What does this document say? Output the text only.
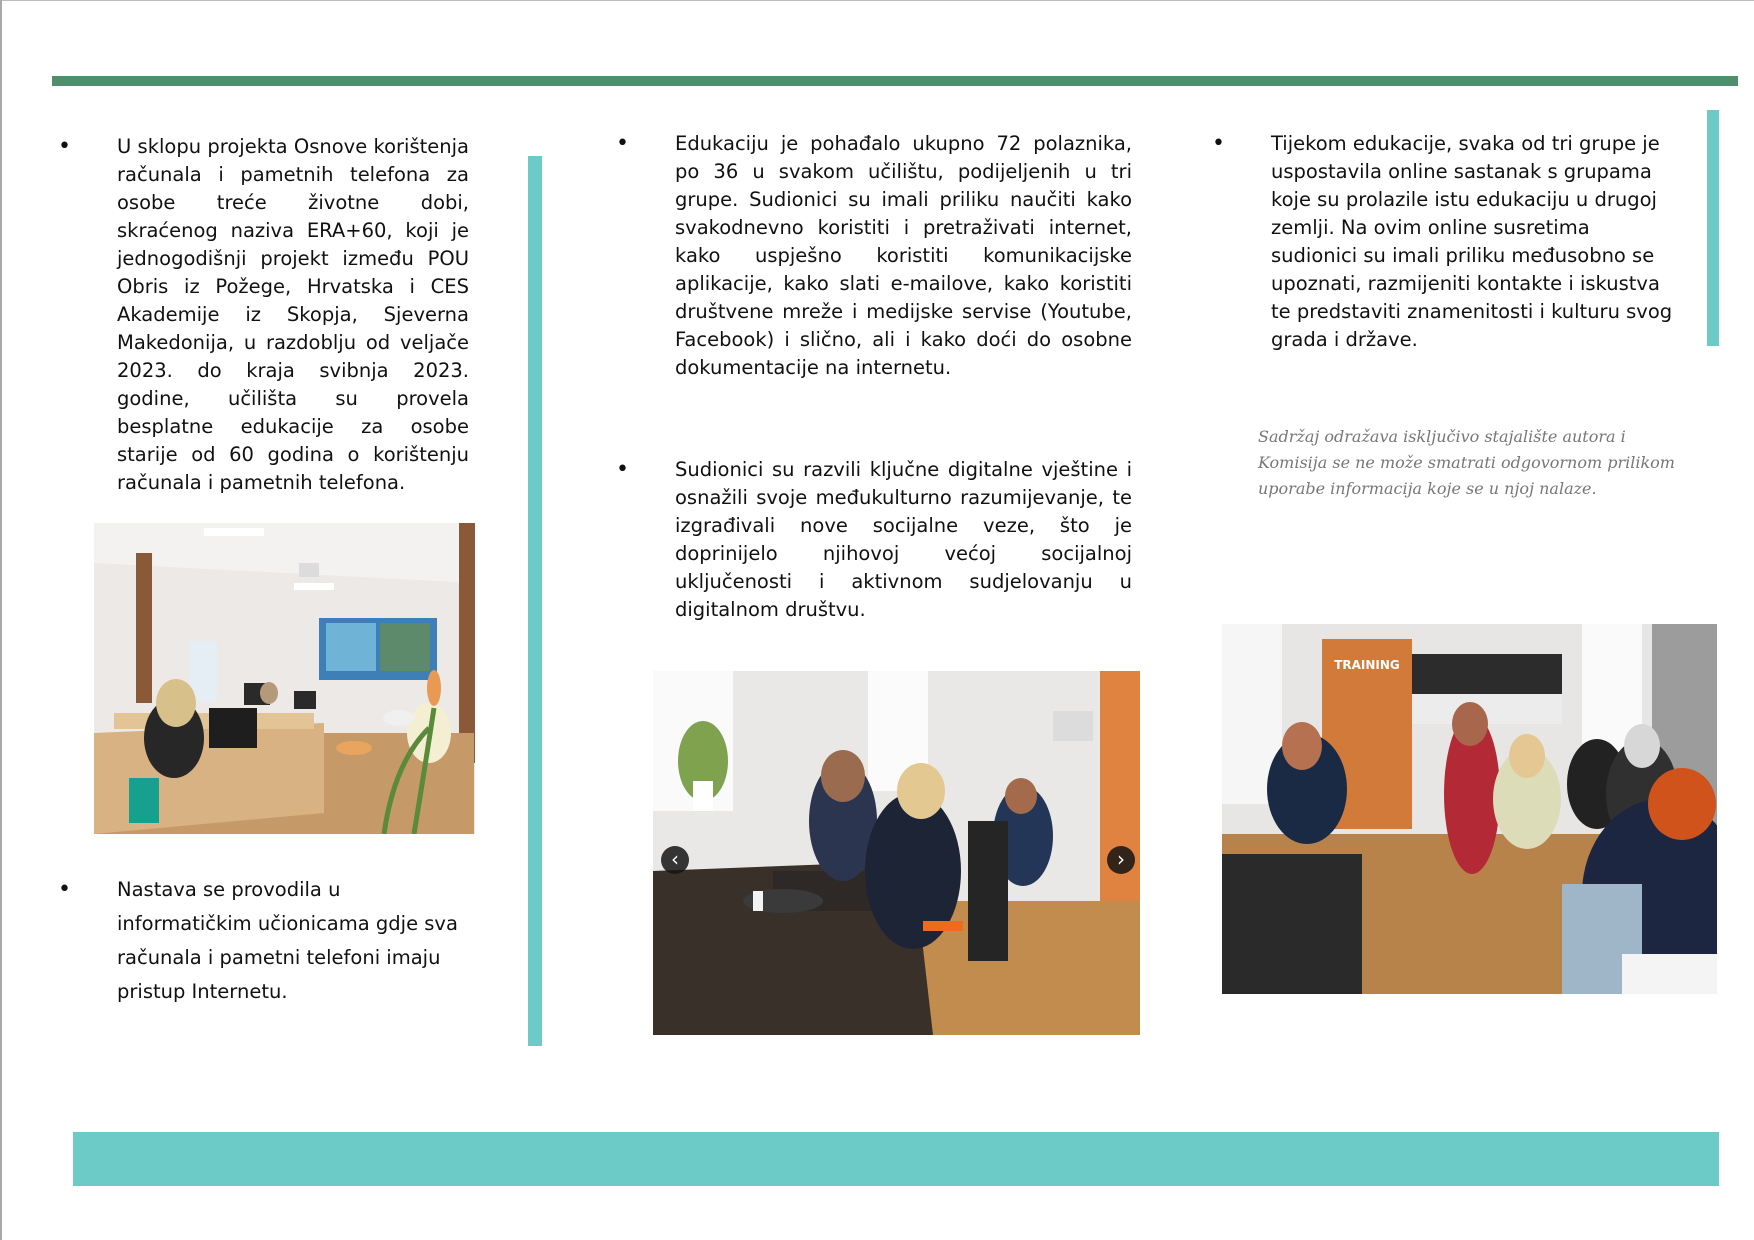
• U sklopu projekta Osnove korištenja računala i pametnih telefona za osobe treće životne dobi, skraćenog naziva ERA+60, koji je jednogodišnji projekt između POU Obris iz Požege, Hrvatska i CES Akademije iz Skopja, Sjeverna Makedonija, u razdoblju od veljače 2023. do kraja svibnja 2023. godine, učilišta su provela besplatne edukacije za osobe starije od 60 godina o korištenju računala i pametnih telefona.
• Nastava se provodila u informatičkim učionicama gdje sva računala i pametni telefoni imaju pristup Internetu.
• Edukaciju je pohađalo ukupno 72 polaznika, po 36 u svakom učilištu, podijeljenih u tri grupe. Sudionici su imali priliku naučiti kako svakodnevno koristiti i pretraživati internet, kako uspješno koristiti komunikacijske aplikacije, kako slati e-mailove, kako koristiti društvene mreže i medijske servise (Youtube, Facebook) i slično, ali i kako doći do osobne dokumentacije na internetu.
• Sudionici su razvili ključne digitalne vještine i osnažili svoje međukulturno razumijevanje, te izgrađivali nove socijalne veze, što je doprinijelo njihovoj većoj socijalnoj uključenosti i aktivnom sudjelovanju u digitalnom društvu.
‹	›
• Tijekom edukacije, svaka od tri grupe je uspostavila online sastanak s grupama koje su prolazile istu edukaciju u drugoj zemlji. Na ovim online susretima sudionici su imali priliku međusobno se upoznati, razmijeniti kontakte i iskustva te predstaviti znamenitosti i kulturu svog grada i države.
Sadržaj odražava isključivo stajalište autora i Komisija se ne može smatrati odgovornom prilikom uporabe informacija koje se u njoj nalaze.
TRAINING
